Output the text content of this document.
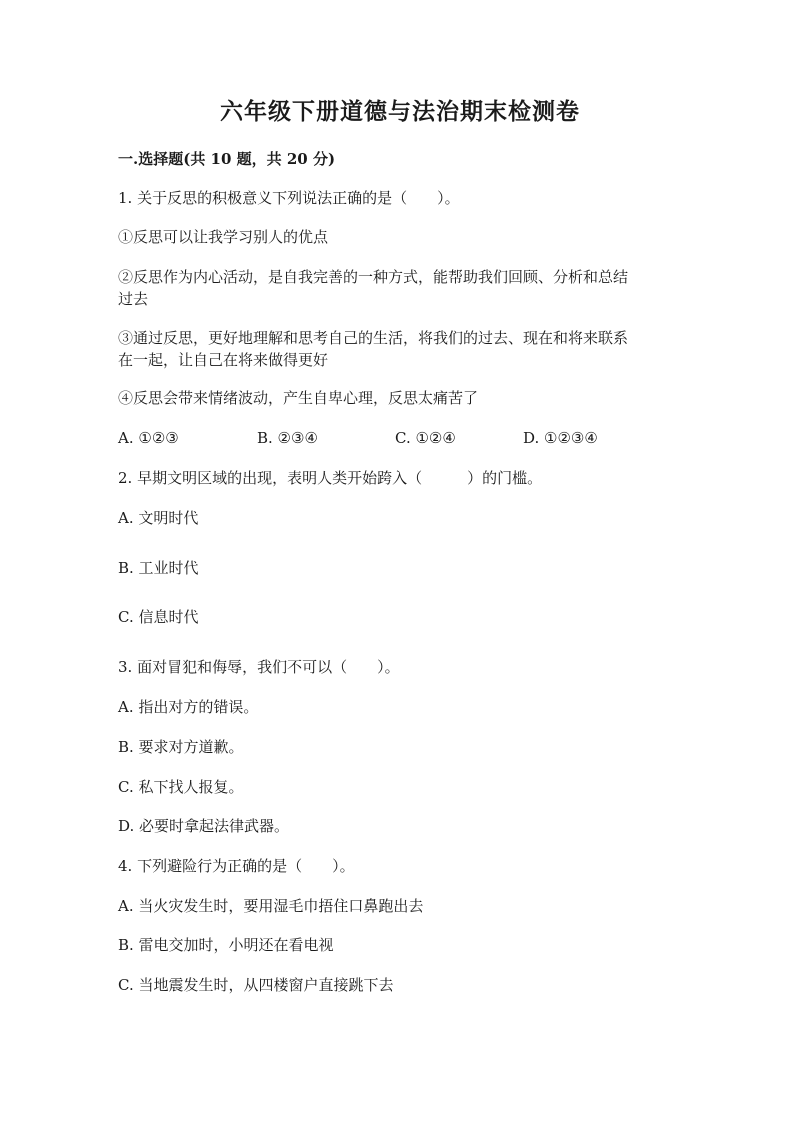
六年级下册道德与法治期末检测卷
一.选择题(共 10 题，共 20 分)
1. 关于反思的积极意义下列说法正确的是（　　）。
①反思可以让我学习别人的优点
②反思作为内心活动，是自我完善的一种方式，能帮助我们回顾、分析和总结
过去
③通过反思，更好地理解和思考自己的生活，将我们的过去、现在和将来联系
在一起，让自己在将来做得更好
④反思会带来情绪波动，产生自卑心理，反思太痛苦了
A. ①②③	B. ②③④	C. ①②④	D. ①②③④
2. 早期文明区域的出现，表明人类开始跨入（　　　）的门槛。
A. 文明时代
B. 工业时代
C. 信息时代
3. 面对冒犯和侮辱，我们不可以（　　）。
A. 指出对方的错误。
B. 要求对方道歉。
C. 私下找人报复。
D. 必要时拿起法律武器。
4. 下列避险行为正确的是（　　）。
A. 当火灾发生时，要用湿毛巾捂住口鼻跑出去
B. 雷电交加时，小明还在看电视
C. 当地震发生时，从四楼窗户直接跳下去
